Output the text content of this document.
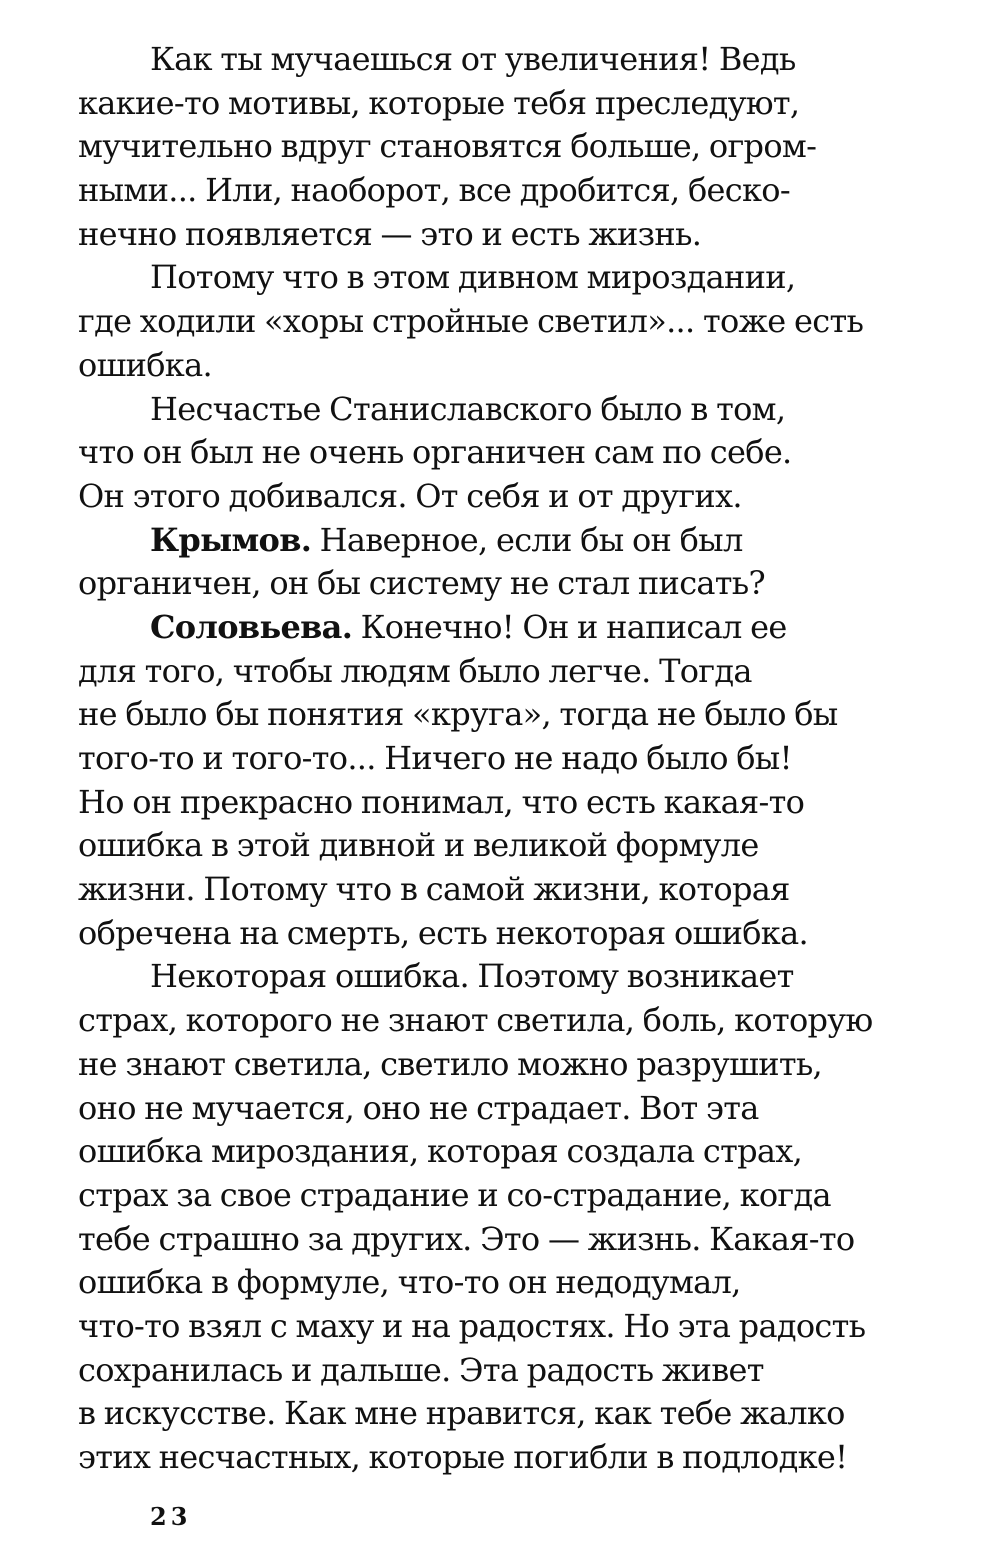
Как ты мучаешься от увеличения! Ведь
какие-то мотивы, которые тебя преследуют,
мучительно вдруг становятся больше, огром-
ными... Или, наоборот, все дробится, беско-
нечно появляется — это и есть жизнь.
Потому что в этом дивном мироздании,
где ходили «хоры стройные светил»... тоже есть
ошибка.
Несчастье Станиславского было в том,
что он был не очень органичен сам по себе.
Он этого добивался. От себя и от других.
Крымов. Наверное, если бы он был
органичен, он бы систему не стал писать?
Соловьева. Конечно! Он и написал ее
для того, чтобы людям было легче. Тогда
не было бы понятия «круга», тогда не было бы
того-то и того-то... Ничего не надо было бы!
Но он прекрасно понимал, что есть какая-то
ошибка в этой дивной и великой формуле
жизни. Потому что в самой жизни, которая
обречена на смерть, есть некоторая ошибка.
Некоторая ошибка. Поэтому возникает
страх, которого не знают светила, боль, которую
не знают светила, светило можно разрушить,
оно не мучается, оно не страдает. Вот эта
ошибка мироздания, которая создала страх,
страх за свое страдание и со-страдание, когда
тебе страшно за других. Это — жизнь. Какая-то
ошибка в формуле, что-то он недодумал,
что-то взял с маху и на радостях. Но эта радость
сохранилась и дальше. Эта радость живет
в искусстве. Как мне нравится, как тебе жалко
этих несчастных, которые погибли в подлодке!
23
